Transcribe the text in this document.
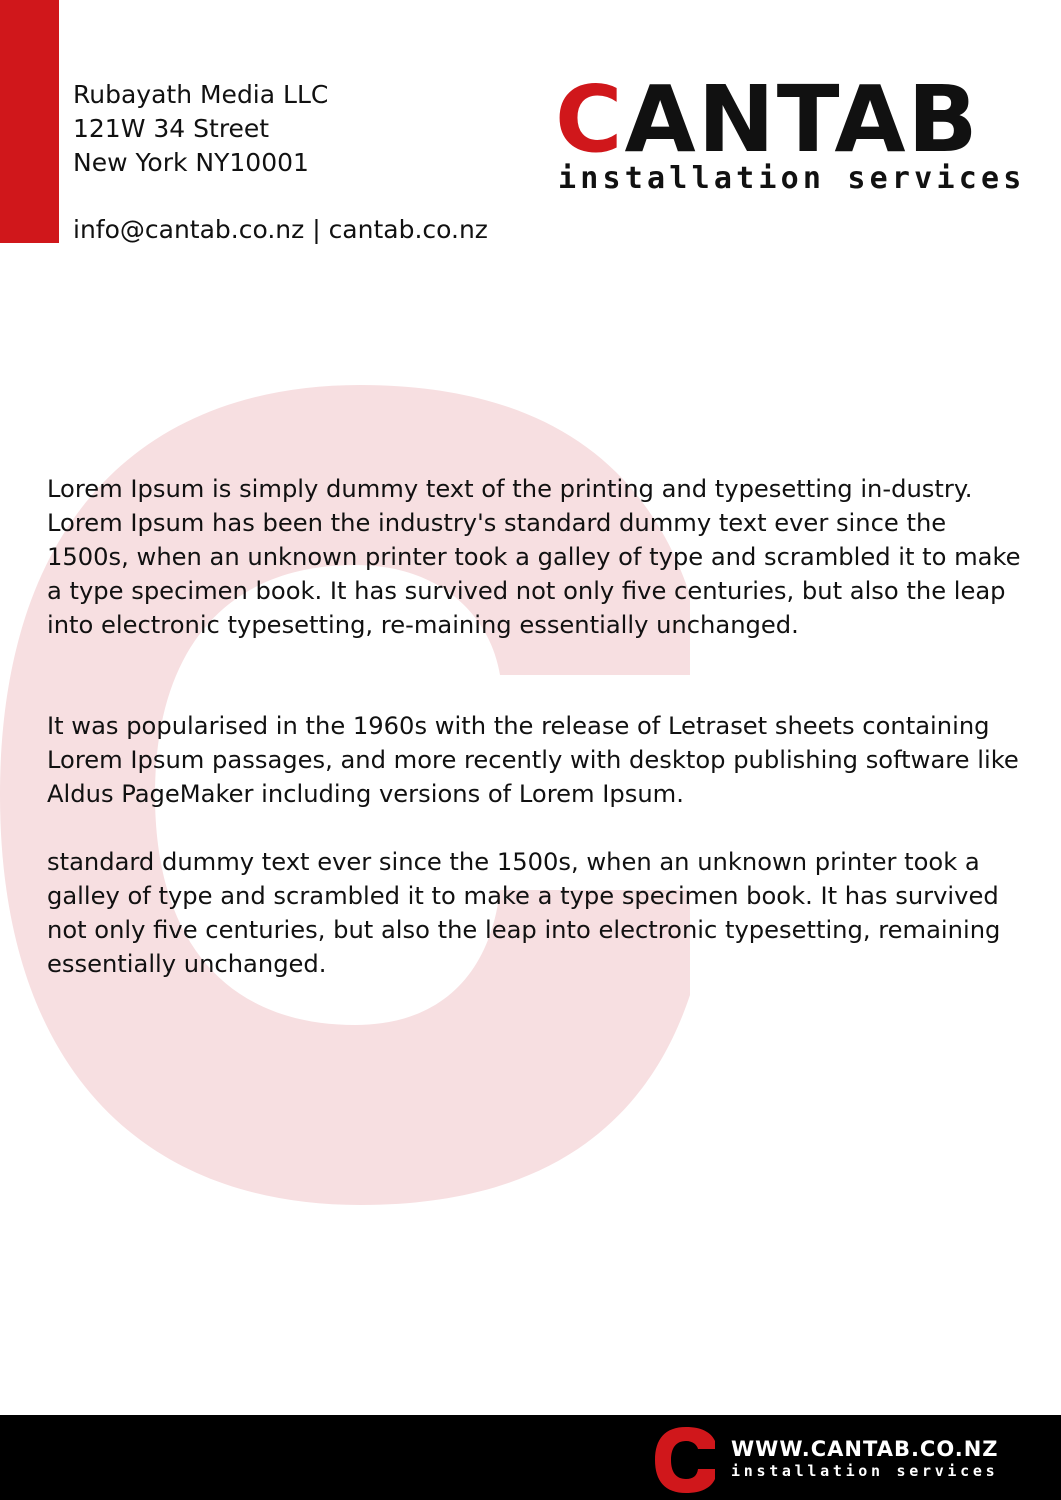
Rubayath Media LLC
121W 34 Street
New York NY10001
info@cantab.co.nz | cantab.co.nz
CANTAB
installation services

Lorem Ipsum is simply dummy text of the printing and typesetting in-dustry. Lorem Ipsum has been the industry's standard dummy text ever since the 1500s, when an unknown printer took a galley of type and scrambled it to make a type specimen book. It has survived not only five centuries, but also the leap into electronic typesetting, re-maining essentially unchanged.

It was popularised in the 1960s with the release of Letraset sheets containing Lorem Ipsum passages, and more recently with desktop publishing software like Aldus PageMaker including versions of Lorem Ipsum.

standard dummy text ever since the 1500s, when an unknown printer took a galley of type and scrambled it to make a type specimen book. It has survived not only five centuries, but also the leap into electronic typesetting, remaining essentially unchanged.

WWW.CANTAB.CO.NZ
installation services
